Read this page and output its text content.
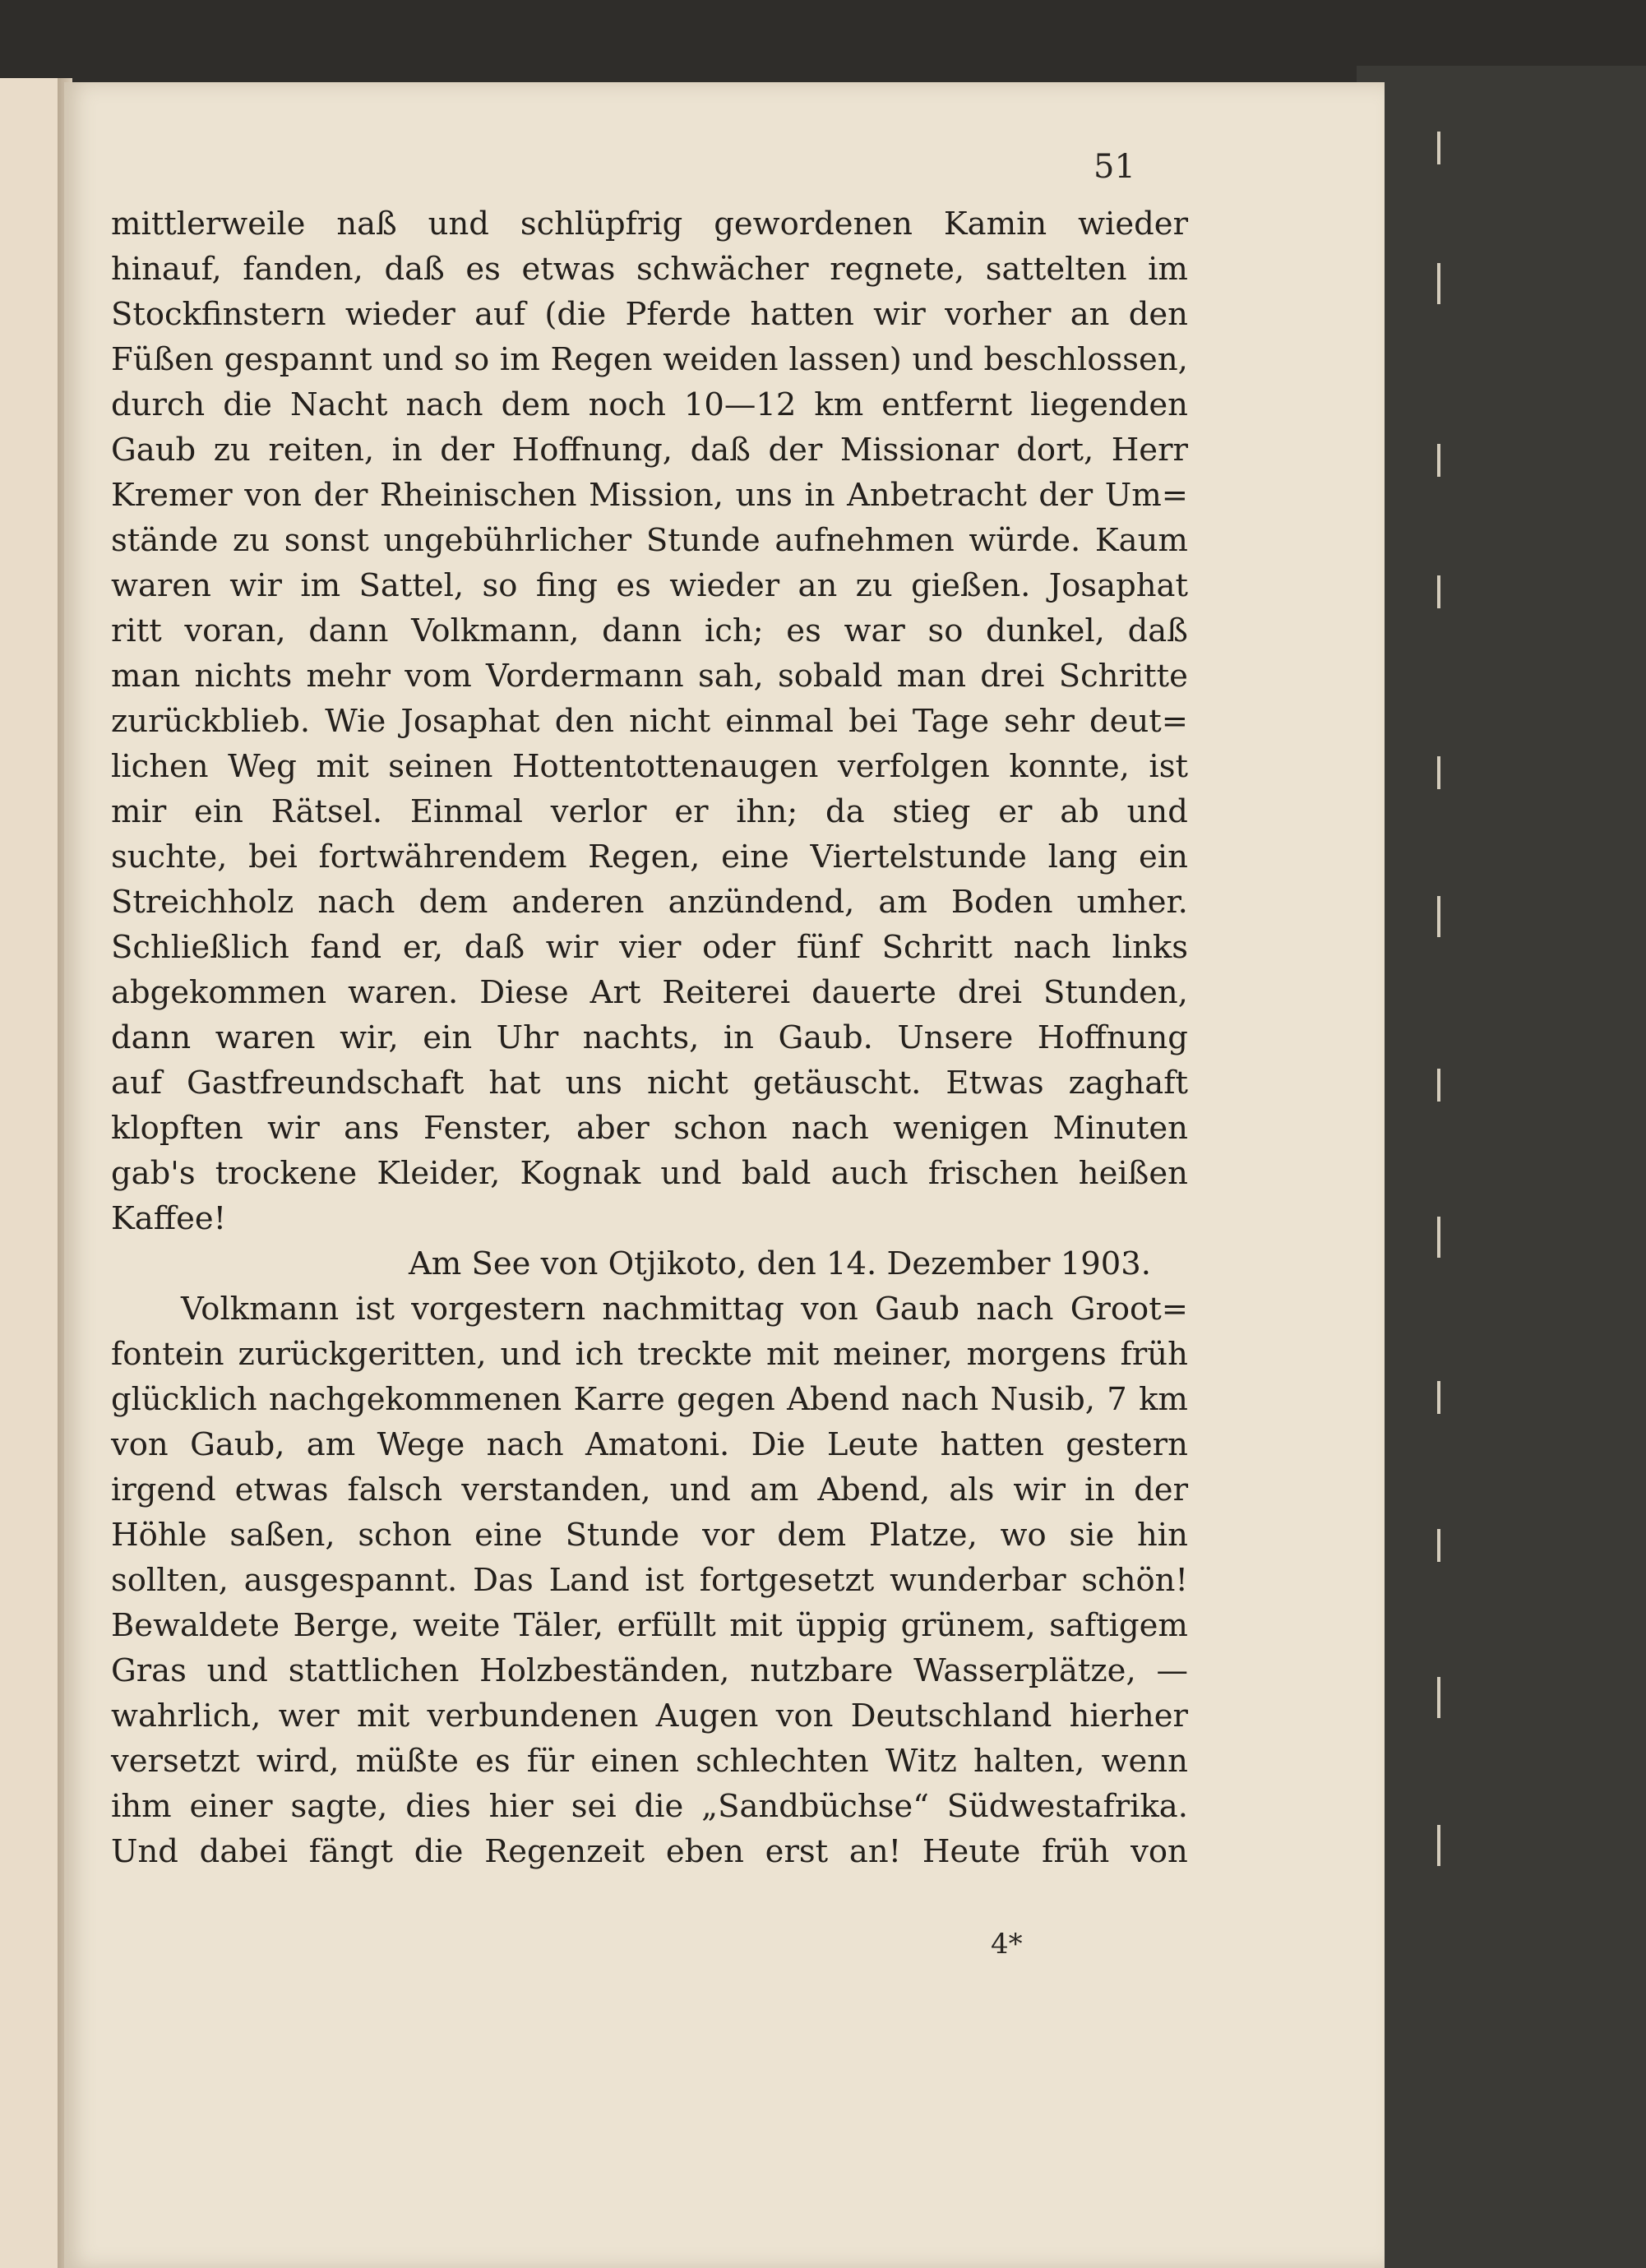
51
mittlerweile naß und schlüpfrig gewordenen Kamin wieder
hinauf, fanden, daß es etwas schwächer regnete, sattelten im
Stockfinstern wieder auf (die Pferde hatten wir vorher an den
Füßen gespannt und so im Regen weiden lassen) und beschlossen,
durch die Nacht nach dem noch 10—12 km entfernt liegenden
Gaub zu reiten, in der Hoffnung, daß der Missionar dort, Herr
Kremer von der Rheinischen Mission, uns in Anbetracht der Um=
stände zu sonst ungebührlicher Stunde aufnehmen würde. Kaum
waren wir im Sattel, so fing es wieder an zu gießen. Josaphat
ritt voran, dann Volkmann, dann ich; es war so dunkel, daß
man nichts mehr vom Vordermann sah, sobald man drei Schritte
zurückblieb. Wie Josaphat den nicht einmal bei Tage sehr deut=
lichen Weg mit seinen Hottentottenaugen verfolgen konnte, ist
mir ein Rätsel. Einmal verlor er ihn; da stieg er ab und
suchte, bei fortwährendem Regen, eine Viertelstunde lang ein
Streichholz nach dem anderen anzündend, am Boden umher.
Schließlich fand er, daß wir vier oder fünf Schritt nach links
abgekommen waren. Diese Art Reiterei dauerte drei Stunden,
dann waren wir, ein Uhr nachts, in Gaub. Unsere Hoffnung
auf Gastfreundschaft hat uns nicht getäuscht. Etwas zaghaft
klopften wir ans Fenster, aber schon nach wenigen Minuten
gab's trockene Kleider, Kognak und bald auch frischen heißen
Kaffee!
Am See von Otjikoto, den 14. Dezember 1903.
Volkmann ist vorgestern nachmittag von Gaub nach Groot=
fontein zurückgeritten, und ich treckte mit meiner, morgens früh
glücklich nachgekommenen Karre gegen Abend nach Nusib, 7 km
von Gaub, am Wege nach Amatoni. Die Leute hatten gestern
irgend etwas falsch verstanden, und am Abend, als wir in der
Höhle saßen, schon eine Stunde vor dem Platze, wo sie hin
sollten, ausgespannt. Das Land ist fortgesetzt wunderbar schön!
Bewaldete Berge, weite Täler, erfüllt mit üppig grünem, saftigem
Gras und stattlichen Holzbeständen, nutzbare Wasserplätze, —
wahrlich, wer mit verbundenen Augen von Deutschland hierher
versetzt wird, müßte es für einen schlechten Witz halten, wenn
ihm einer sagte, dies hier sei die „Sandbüchse“ Südwestafrika.
Und dabei fängt die Regenzeit eben erst an! Heute früh von
4*
